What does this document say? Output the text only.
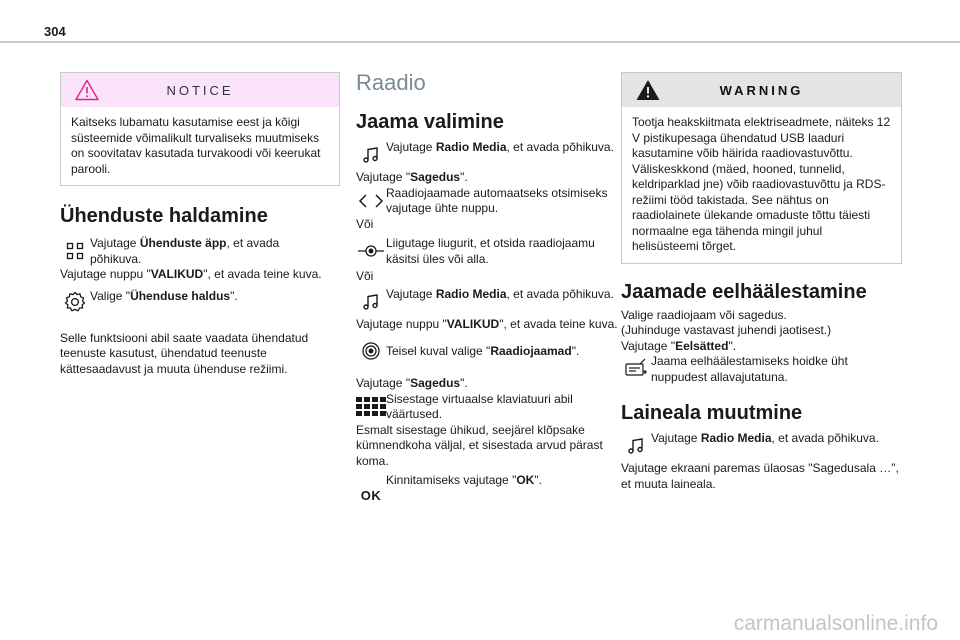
304
NOTICE

Kaitseks lubamatu kasutamise eest ja kõigi süsteemide võimalikult turvaliseks muutmiseks on soovitatav kasutada turvakoodi või keerukat parooli.

Ühenduste haldamine

Vajutage Ühenduste äpp, et avada põhikuva.

Vajutage nuppu "VALIKUD", et avada teine kuva.

Valige "Ühenduse haldus".

Selle funktsiooni abil saate vaadata ühendatud teenuste kasutust, ühendatud teenuste kättesaadavust ja muuta ühenduse režiimi.

Raadio
Jaama valimine

Vajutage Radio Media, et avada põhikuva.

Vajutage "Sagedus".

Raadiojaamade automaatseks otsimiseks vajutage ühte nuppu.

Või

Liigutage liugurit, et otsida raadiojaamu käsitsi üles või alla.

Või

Vajutage Radio Media, et avada põhikuva.

Vajutage nuppu "VALIKUD", et avada teine kuva.

Teisel kuval valige "Raadiojaamad".

Vajutage "Sagedus".

Sisestage virtuaalse klaviatuuri abil väärtused.

Esmalt sisestage ühikud, seejärel klõpsake kümnendkoha väljal, et sisestada arvud pärast koma.

OK

Kinnitamiseks vajutage "OK".

WARNING

Tootja heakskiitmata elektriseadmete, näiteks 12 V pistikupesaga ühendatud USB laaduri kasutamine võib häirida raadiovastuvõttu. Väliskeskkond (mäed, hooned, tunnelid, keldriparklad jne) võib raadiovastuvõttu ja RDS-režiimi tööd takistada. See nähtus on raadiolainete ülekande omaduste tõttu täiesti normaalne ega tähenda mingil juhul helisüsteemi tõrget.

Jaamade eelhäälestamine

Valige raadiojaam või sagedus.

(Juhinduge vastavast juhendi jaotisest.)

Vajutage "Eelsätted".

Jaama eelhäälestamiseks hoidke üht nuppudest allavajutatuna.

Laineala muutmine

Vajutage Radio Media, et avada põhikuva.

Vajutage ekraani paremas ülaosas "Sagedusala …", et muuta laineala.

carmanualsonline.info
